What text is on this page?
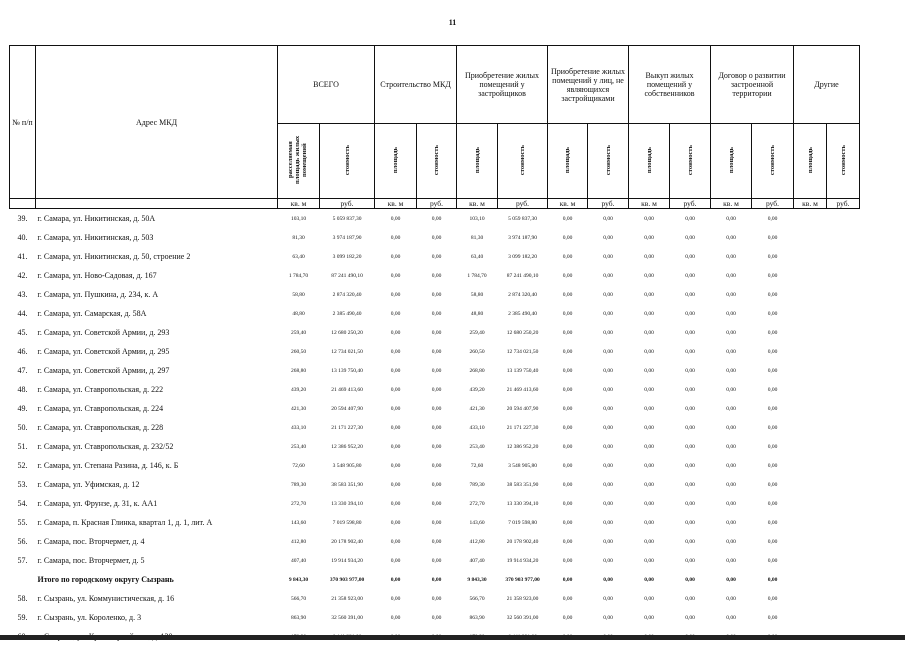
11
№ п/п	Адрес МКД	ВСЕГО		Строительство МКД		Приобретение жилых помещений у застройщиков		Приобретение жилых помещений у лиц, не являющихся застройщиками		Выкуп жилых помещений у собственников		Договор о развитии застроенной территории		Другие	
		расселяемая площадь жилых помещений	стоимость	площадь	стоимость	площадь	стоимость	площадь	стоимость	площадь	стоимость	площадь	стоимость	площадь	стоимость
		кв. м	руб.	кв. м	руб.	кв. м	руб.	кв. м	руб.	кв. м	руб.	кв. м	руб.	кв. м	руб.
39.	г. Самара, ул. Никитинская, д. 50А	103,10	5 059 837,30	0,00	0,00	103,10	5 059 837,30	0,00	0,00	0,00	0,00	0,00	0,00		
40.	г. Самара, ул. Никитинская, д. 50З	81,30	3 974 187,90	0,00	0,00	81,30	3 974 187,90	0,00	0,00	0,00	0,00	0,00	0,00		
41.	г. Самара, ул. Никитинская, д. 50, строение 2	63,40	3 099 182,20	0,00	0,00	63,40	3 099 182,20	0,00	0,00	0,00	0,00	0,00	0,00		
42.	г. Самара, ул. Ново-Садовая, д. 167	1 784,70	87 241 490,10	0,00	0,00	1 784,70	87 241 490,10	0,00	0,00	0,00	0,00	0,00	0,00		
43.	г. Самара, ул. Пушкина, д. 234, к. А	58,80	2 874 320,40	0,00	0,00	58,80	2 874 320,40	0,00	0,00	0,00	0,00	0,00	0,00		
44.	г. Самара, ул. Самарская, д. 58А	48,80	2 385 490,40	0,00	0,00	48,80	2 385 490,40	0,00	0,00	0,00	0,00	0,00	0,00		
45.	г. Самара, ул. Советской Армии, д. 293	259,40	12 680 250,20	0,00	0,00	259,40	12 680 250,20	0,00	0,00	0,00	0,00	0,00	0,00		
46.	г. Самара, ул. Советской Армии, д. 295	260,50	12 734 021,50	0,00	0,00	260,50	12 734 021,50	0,00	0,00	0,00	0,00	0,00	0,00		
47.	г. Самара, ул. Советской Армии, д. 297	268,80	13 139 750,40	0,00	0,00	268,80	13 139 750,40	0,00	0,00	0,00	0,00	0,00	0,00		
48.	г. Самара, ул. Ставропольская, д. 222	439,20	21 469 413,60	0,00	0,00	439,20	21 469 413,60	0,00	0,00	0,00	0,00	0,00	0,00		
49.	г. Самара, ул. Ставропольская, д. 224	421,30	20 594 407,90	0,00	0,00	421,30	20 594 407,90	0,00	0,00	0,00	0,00	0,00	0,00		
50.	г. Самара, ул. Ставропольская, д. 228	433,10	21 171 227,30	0,00	0,00	433,10	21 171 227,30	0,00	0,00	0,00	0,00	0,00	0,00		
51.	г. Самара, ул. Ставропольская, д. 232/52	253,40	12 386 952,20	0,00	0,00	253,40	12 386 952,20	0,00	0,00	0,00	0,00	0,00	0,00		
52.	г. Самара, ул. Степана Разина, д. 146, к. Б	72,60	3 548 905,80	0,00	0,00	72,60	3 548 905,80	0,00	0,00	0,00	0,00	0,00	0,00		
53.	г. Самара, ул. Уфимская, д. 12	789,30	38 583 351,90	0,00	0,00	789,30	38 583 351,90	0,00	0,00	0,00	0,00	0,00	0,00		
54.	г. Самара, ул. Фрунзе, д. 31, к. АА1	272,70	13 330 394,10	0,00	0,00	272,70	13 330 394,10	0,00	0,00	0,00	0,00	0,00	0,00		
55.	г. Самара, п. Красная Глинка, квартал 1, д. 1, лит. А	143,60	7 019 598,80	0,00	0,00	143,60	7 019 598,80	0,00	0,00	0,00	0,00	0,00	0,00		
56.	г. Самара, пос. Вторчермет, д. 4	412,80	20 178 902,40	0,00	0,00	412,80	20 178 902,40	0,00	0,00	0,00	0,00	0,00	0,00		
57.	г. Самара, пос. Вторчермет, д. 5	407,40	19 914 934,20	0,00	0,00	407,40	19 914 934,20	0,00	0,00	0,00	0,00	0,00	0,00		
	Итого по городскому округу Сызрань	9 843,30	370 903 977,00	0,00	0,00	9 843,30	370 903 977,00	0,00	0,00	0,00	0,00	0,00	0,00		
58.	г. Сызрань, ул. Коммунистическая, д. 16	566,70	21 358 923,00	0,00	0,00	566,70	21 358 923,00	0,00	0,00	0,00	0,00	0,00	0,00		
59.	г. Сызрань, ул. Короленко, д. 3	863,90	32 560 391,00	0,00	0,00	863,90	32 560 391,00	0,00	0,00	0,00	0,00	0,00	0,00		
